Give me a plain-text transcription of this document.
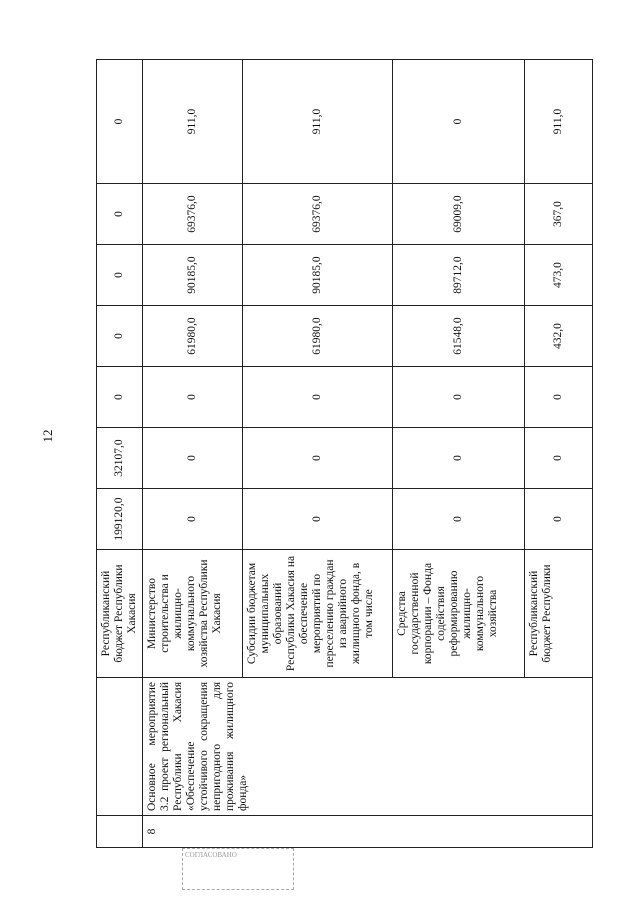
12
		Республиканский бюджет Республики Хакасия	199120,0	32107,0	0	0	0	0	0
8	Основное мероприятие 3.2 проект региональный Республики Хакасия «Обеспечение устойчивого сокращения непригодного для проживания жилищного фонда»	Министерство строительства и жилищно-коммунального хозяйства Республики Хакасия	0	0	0	61980,0	90185,0	69376,0	911,0
		Субсидии бюджетам муниципальных образований Республики Хакасия на обеспечение мероприятий по переселению граждан из аварийного жилищного фонда, в том числе	0	0	0	61980,0	90185,0	69376,0	911,0
		Средства государственной корпорации – Фонда содействия реформированию жилищно-коммунального хозяйства	0	0	0	61548,0	89712,0	69009,0	0
		Республиканский бюджет Республики	0	0	0	432,0	473,0	367,0	911,0
СОГЛАСОВАНО
